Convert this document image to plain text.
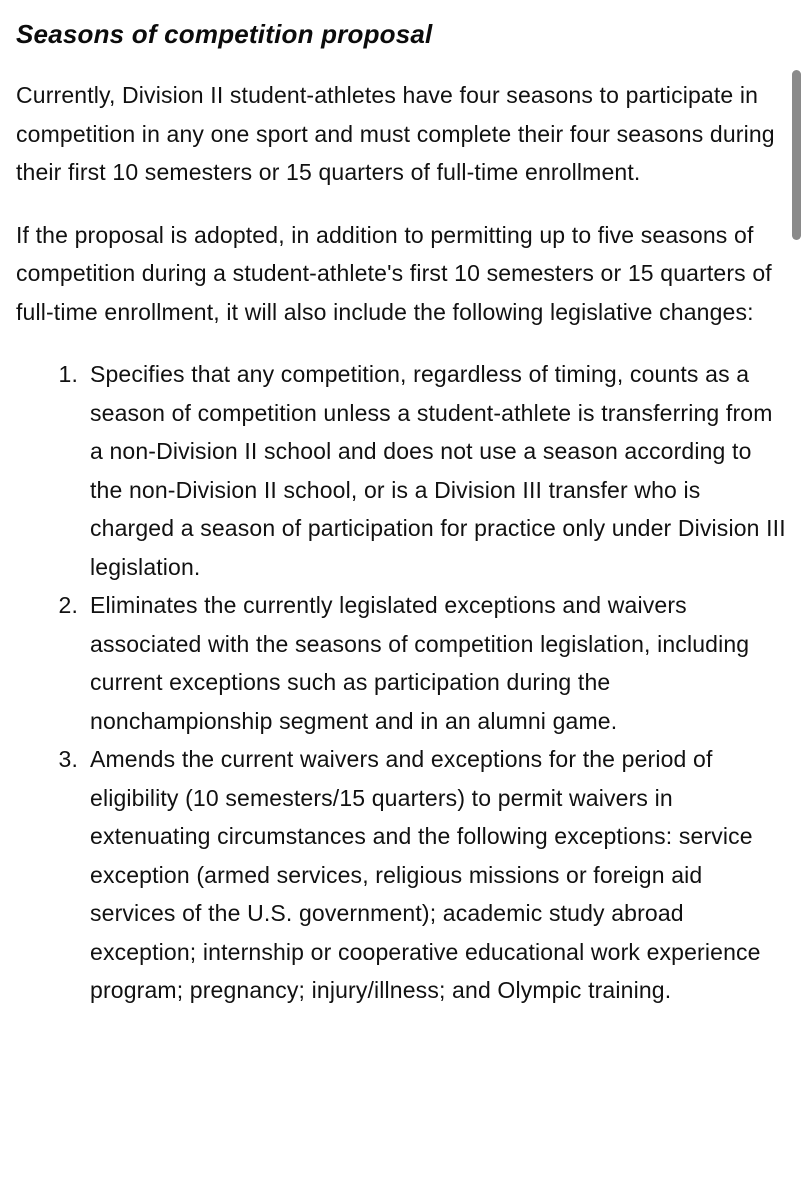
Seasons of competition proposal

Currently, Division II student-athletes have four seasons to participate in competition in any one sport and must complete their four seasons during their first 10 semesters or 15 quarters of full-time enrollment.

If the proposal is adopted, in addition to permitting up to five seasons of competition during a student-athlete's first 10 semesters or 15 quarters of full-time enrollment, it will also include the following legislative changes:

1. Specifies that any competition, regardless of timing, counts as a season of competition unless a student-athlete is transferring from a non-Division II school and does not use a season according to the non-Division II school, or is a Division III transfer who is charged a season of participation for practice only under Division III legislation.
2. Eliminates the currently legislated exceptions and waivers associated with the seasons of competition legislation, including current exceptions such as participation during the nonchampionship segment and in an alumni game.
3. Amends the current waivers and exceptions for the period of eligibility (10 semesters/15 quarters) to permit waivers in extenuating circumstances and the following exceptions: service exception (armed services, religious missions or foreign aid services of the U.S. government); academic study abroad exception; internship or cooperative educational work experience program; pregnancy; injury/illness; and Olympic training.
